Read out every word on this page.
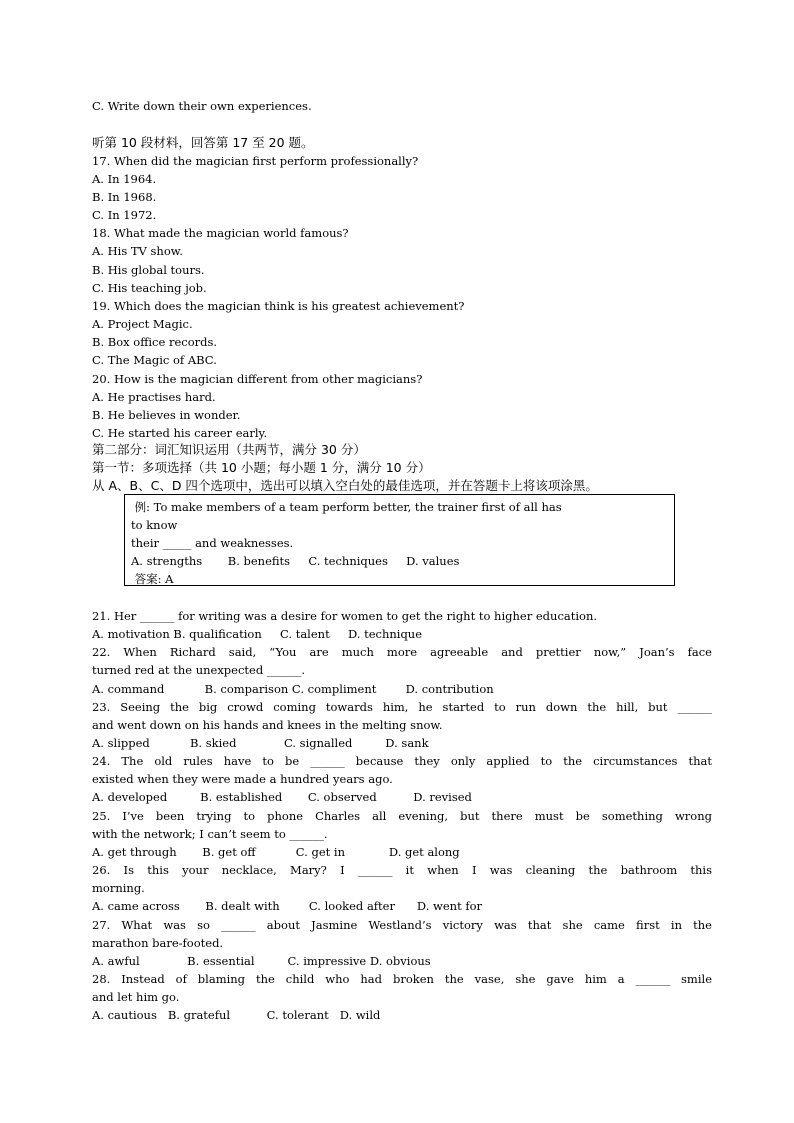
C. Write down their own experiences.
听第 10 段材料，回答第 17 至 20 题。
17. When did the magician first perform professionally?
A. In 1964.
B. In 1968.
C. In 1972.
18. What made the magician world famous?
A. His TV show.
B. His global tours.
C. His teaching job.
19. Which does the magician think is his greatest achievement?
A. Project Magic.
B. Box office records.
C. The Magic of ABC.
20. How is the magician different from other magicians?
A. He practises hard.
B. He believes in wonder.
C. He started his career early.
第二部分：词汇知识运用（共两节，满分 30 分）
第一节：多项选择（共 10 小题；每小题 1 分，满分 10 分）
从 A、B、C、D 四个选项中，选出可以填入空白处的最佳选项，并在答题卡上将该项涂黑。
例: To make members of a team perform better, the trainer first of all has
to know
their _____ and weaknesses.
A. strengths       B. benefits     C. techniques     D. values
答案: A
21. Her ______ for writing was a desire for women to get the right to higher education.
A. motivation B. qualification     C. talent     D. technique
22. When Richard said, “You are much more agreeable and prettier now,” Joan’s face
turned red at the unexpected ______.
A. command           B. comparison C. compliment        D. contribution
23. Seeing the big crowd coming towards him, he started to run down the hill, but ______
and went down on his hands and knees in the melting snow.
A. slipped           B. skied             C. signalled         D. sank
24. The old rules have to be ______ because they only applied to the circumstances that
existed when they were made a hundred years ago.
A. developed         B. established       C. observed          D. revised
25. I’ve been trying to phone Charles all evening, but there must be something wrong
with the network; I can’t seem to ______.
A. get through       B. get off           C. get in            D. get along
26. Is this your necklace, Mary? I ______ it when I was cleaning the bathroom this
morning.
A. came across       B. dealt with        C. looked after      D. went for
27. What was so ______ about Jasmine Westland’s victory was that she came first in the
marathon bare-footed.
A. awful             B. essential         C. impressive D. obvious
28. Instead of blaming the child who had broken the vase, she gave him a ______ smile
and let him go.
A. cautious   B. grateful          C. tolerant   D. wild
